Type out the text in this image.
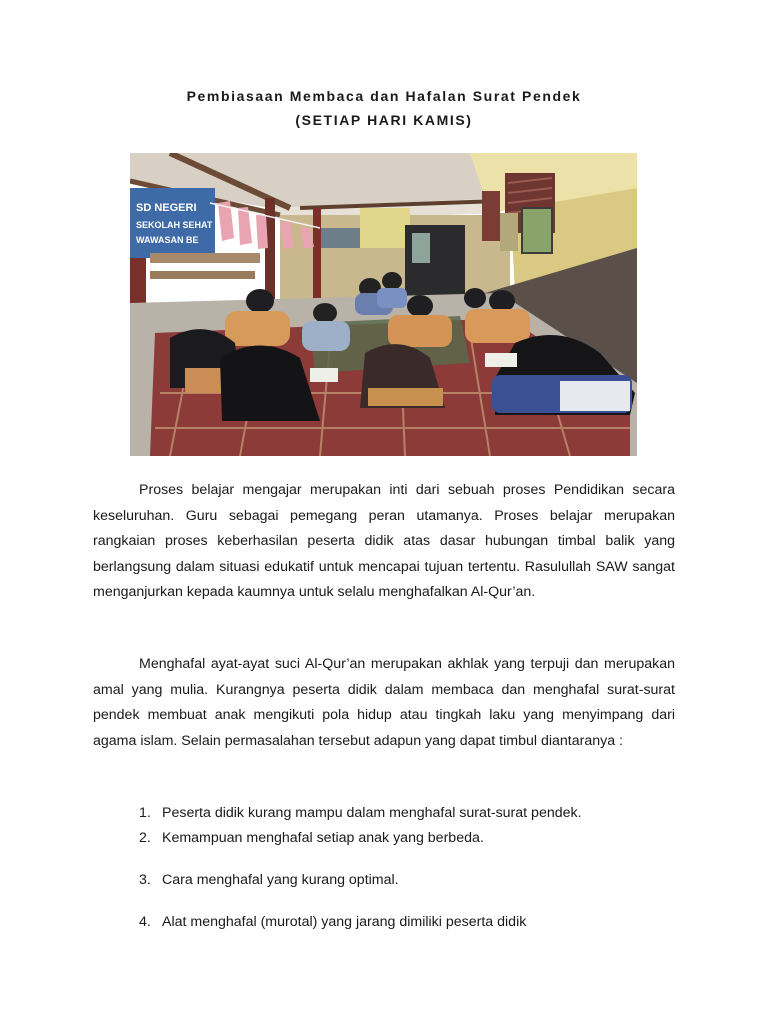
Pembiasaan Membaca dan Hafalan Surat Pendek
(SETIAP HARI KAMIS)
SD NEGERI
SEKOLAH SEHAT
WAWASAN BE

Proses belajar mengajar merupakan inti dari sebuah proses Pendidikan secara keseluruhan. Guru sebagai pemegang peran utamanya. Proses belajar merupakan rangkaian proses keberhasilan peserta didik atas dasar hubungan timbal balik yang berlangsung dalam situasi edukatif untuk mencapai tujuan tertentu. Rasulullah SAW sangat menganjurkan kepada kaumnya untuk selalu menghafalkan Al-Qur’an.

Menghafal ayat-ayat suci Al-Qur’an merupakan akhlak yang terpuji dan merupakan amal yang mulia. Kurangnya peserta didik dalam membaca dan menghafal surat-surat pendek membuat anak mengikuti pola hidup atau tingkah laku yang menyimpang dari agama islam. Selain permasalahan tersebut adapun yang dapat timbul diantaranya :

1. Peserta didik kurang mampu dalam menghafal surat-surat pendek.
2. Kemampuan menghafal setiap anak yang berbeda.
3. Cara menghafal yang kurang optimal.
4. Alat menghafal (murotal) yang jarang dimiliki peserta didik
